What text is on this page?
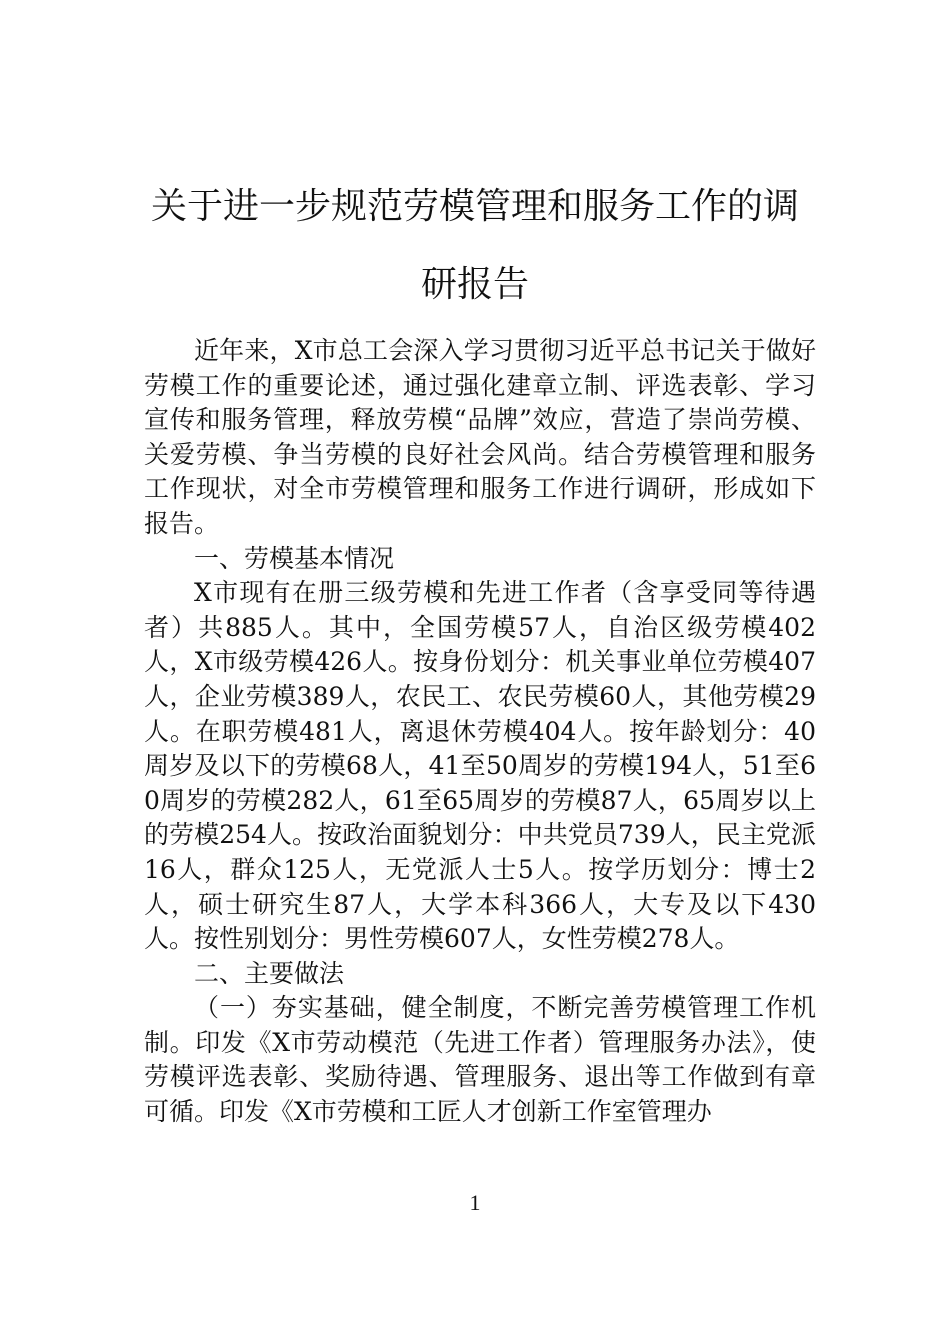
关于进一步规范劳模管理和服务工作的调
研报告

近年来，X市总工会深入学习贯彻习近平总书记关于做好劳模工作的重要论述，通过强化建章立制、评选表彰、学习宣传和服务管理，释放劳模“品牌”效应，营造了崇尚劳模、关爱劳模、争当劳模的良好社会风尚。结合劳模管理和服务工作现状，对全市劳模管理和服务工作进行调研，形成如下报告。

一、劳模基本情况

X市现有在册三级劳模和先进工作者（含享受同等待遇者）共885人。其中，全国劳模57人，自治区级劳模402人，X市级劳模426人。按身份划分：机关事业单位劳模407人，企业劳模389人，农民工、农民劳模60人，其他劳模29人。在职劳模481人，离退休劳模404人。按年龄划分：40周岁及以下的劳模68人，41至50周岁的劳模194人，51至60周岁的劳模282人，61至65周岁的劳模87人，65周岁以上的劳模254人。按政治面貌划分：中共党员739人，民主党派16人，群众125人，无党派人士5人。按学历划分：博士2人，硕士研究生87人，大学本科366人，大专及以下430人。按性别划分：男性劳模607人，女性劳模278人。

二、主要做法

（一）夯实基础，健全制度，不断完善劳模管理工作机制。印发《X市劳动模范（先进工作者）管理服务办法》，使劳模评选表彰、奖励待遇、管理服务、退出等工作做到有章可循。印发《X市劳模和工匠人才创新工作室管理办

1
